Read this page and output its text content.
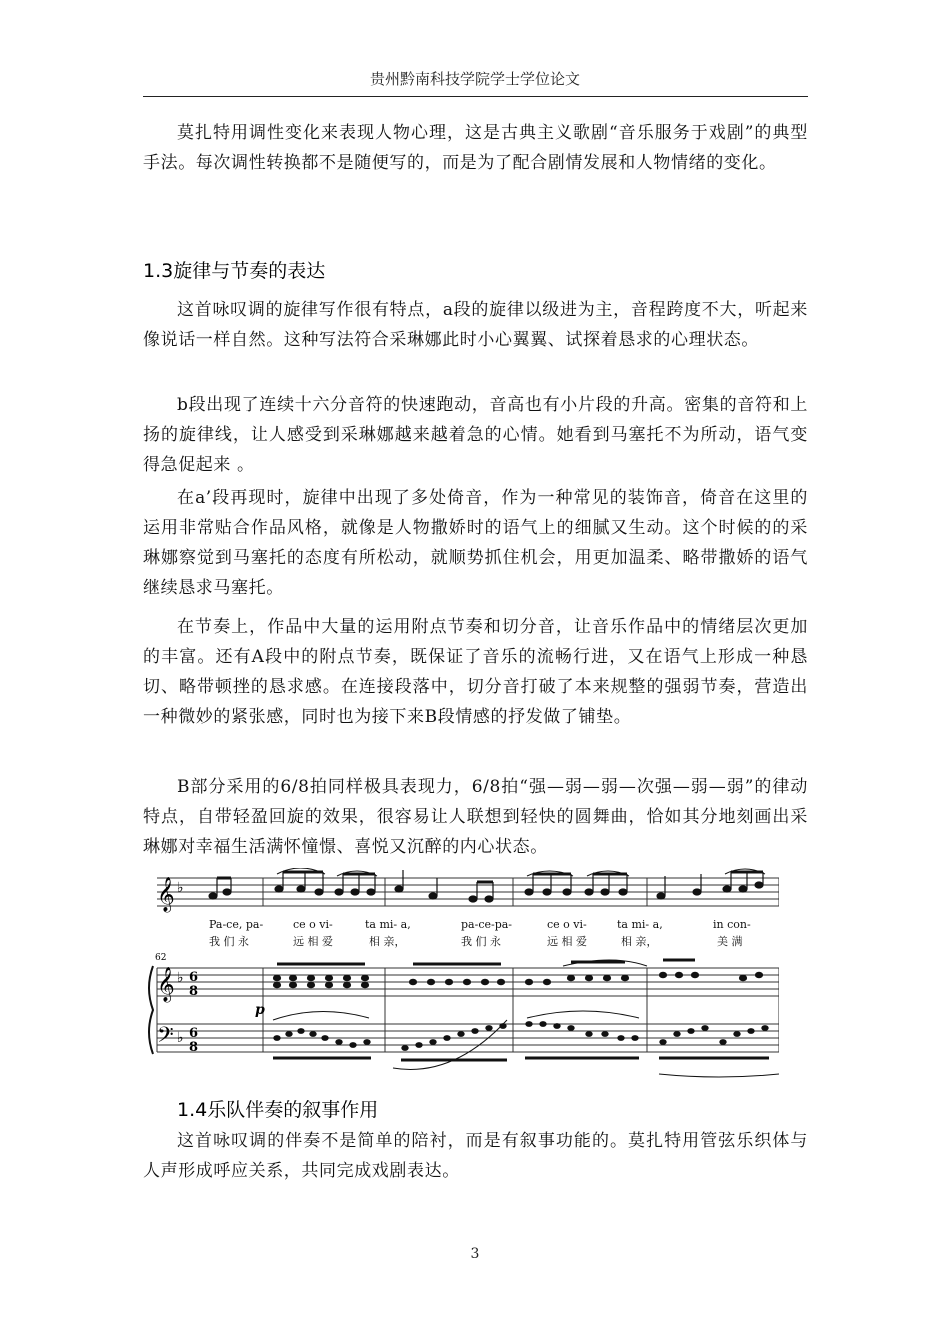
贵州黔南科技学院学士学位论文

莫扎特用调性变化来表现人物心理，这是古典主义歌剧“音乐服务于戏剧”的典型手法。每次调性转换都不是随便写的，而是为了配合剧情发展和人物情绪的变化。

1.3旋律与节奏的表达

这首咏叹调的旋律写作很有特点，a段的旋律以级进为主，音程跨度不大，听起来像说话一样自然。这种写法符合采琳娜此时小心翼翼、试探着恳求的心理状态。

b段出现了连续十六分音符的快速跑动，音高也有小片段的升高。密集的音符和上扬的旋律线，让人感受到采琳娜越来越着急的心情。她看到马塞托不为所动，语气变得急促起来 。

在a’段再现时，旋律中出现了多处倚音，作为一种常见的装饰音，倚音在这里的运用非常贴合作品风格，就像是人物撒娇时的语气上的细腻又生动。这个时候的的采琳娜察觉到马塞托的态度有所松动，就顺势抓住机会，用更加温柔、略带撒娇的语气继续恳求马塞托。

在节奏上，作品中大量的运用附点节奏和切分音，让音乐作品中的情绪层次更加的丰富。还有A段中的附点节奏，既保证了音乐的流畅行进，又在语气上形成一种恳切、略带顿挫的恳求感。在连接段落中，切分音打破了本来规整的强弱节奏，营造出一种微妙的紧张感，同时也为接下来B段情感的抒发做了铺垫。

B部分采用的6/8拍同样极具表现力，6/8拍“强—弱—弱—次强—弱—弱”的律动特点，自带轻盈回旋的效果，很容易让人联想到轻快的圆舞曲，恰如其分地刻画出采琳娜对幸福生活满怀憧憬、喜悦又沉醉的内心状态。

𝄞 ♭
Pa-ce, pa-	ce o vi-	ta mi- a,	pa-ce-pa-	ce o vi-	ta mi- a,	in con-
我 们 永	远 相 爱	相 亲，	我 们 永	远 相 爱	相 亲，	美 满
62
𝄞
𝄢
♭
♭
6
8
6
8
p
1.4乐队伴奏的叙事作用

这首咏叹调的伴奏不是简单的陪衬，而是有叙事功能的。莫扎特用管弦乐织体与人声形成呼应关系，共同完成戏剧表达。

3
